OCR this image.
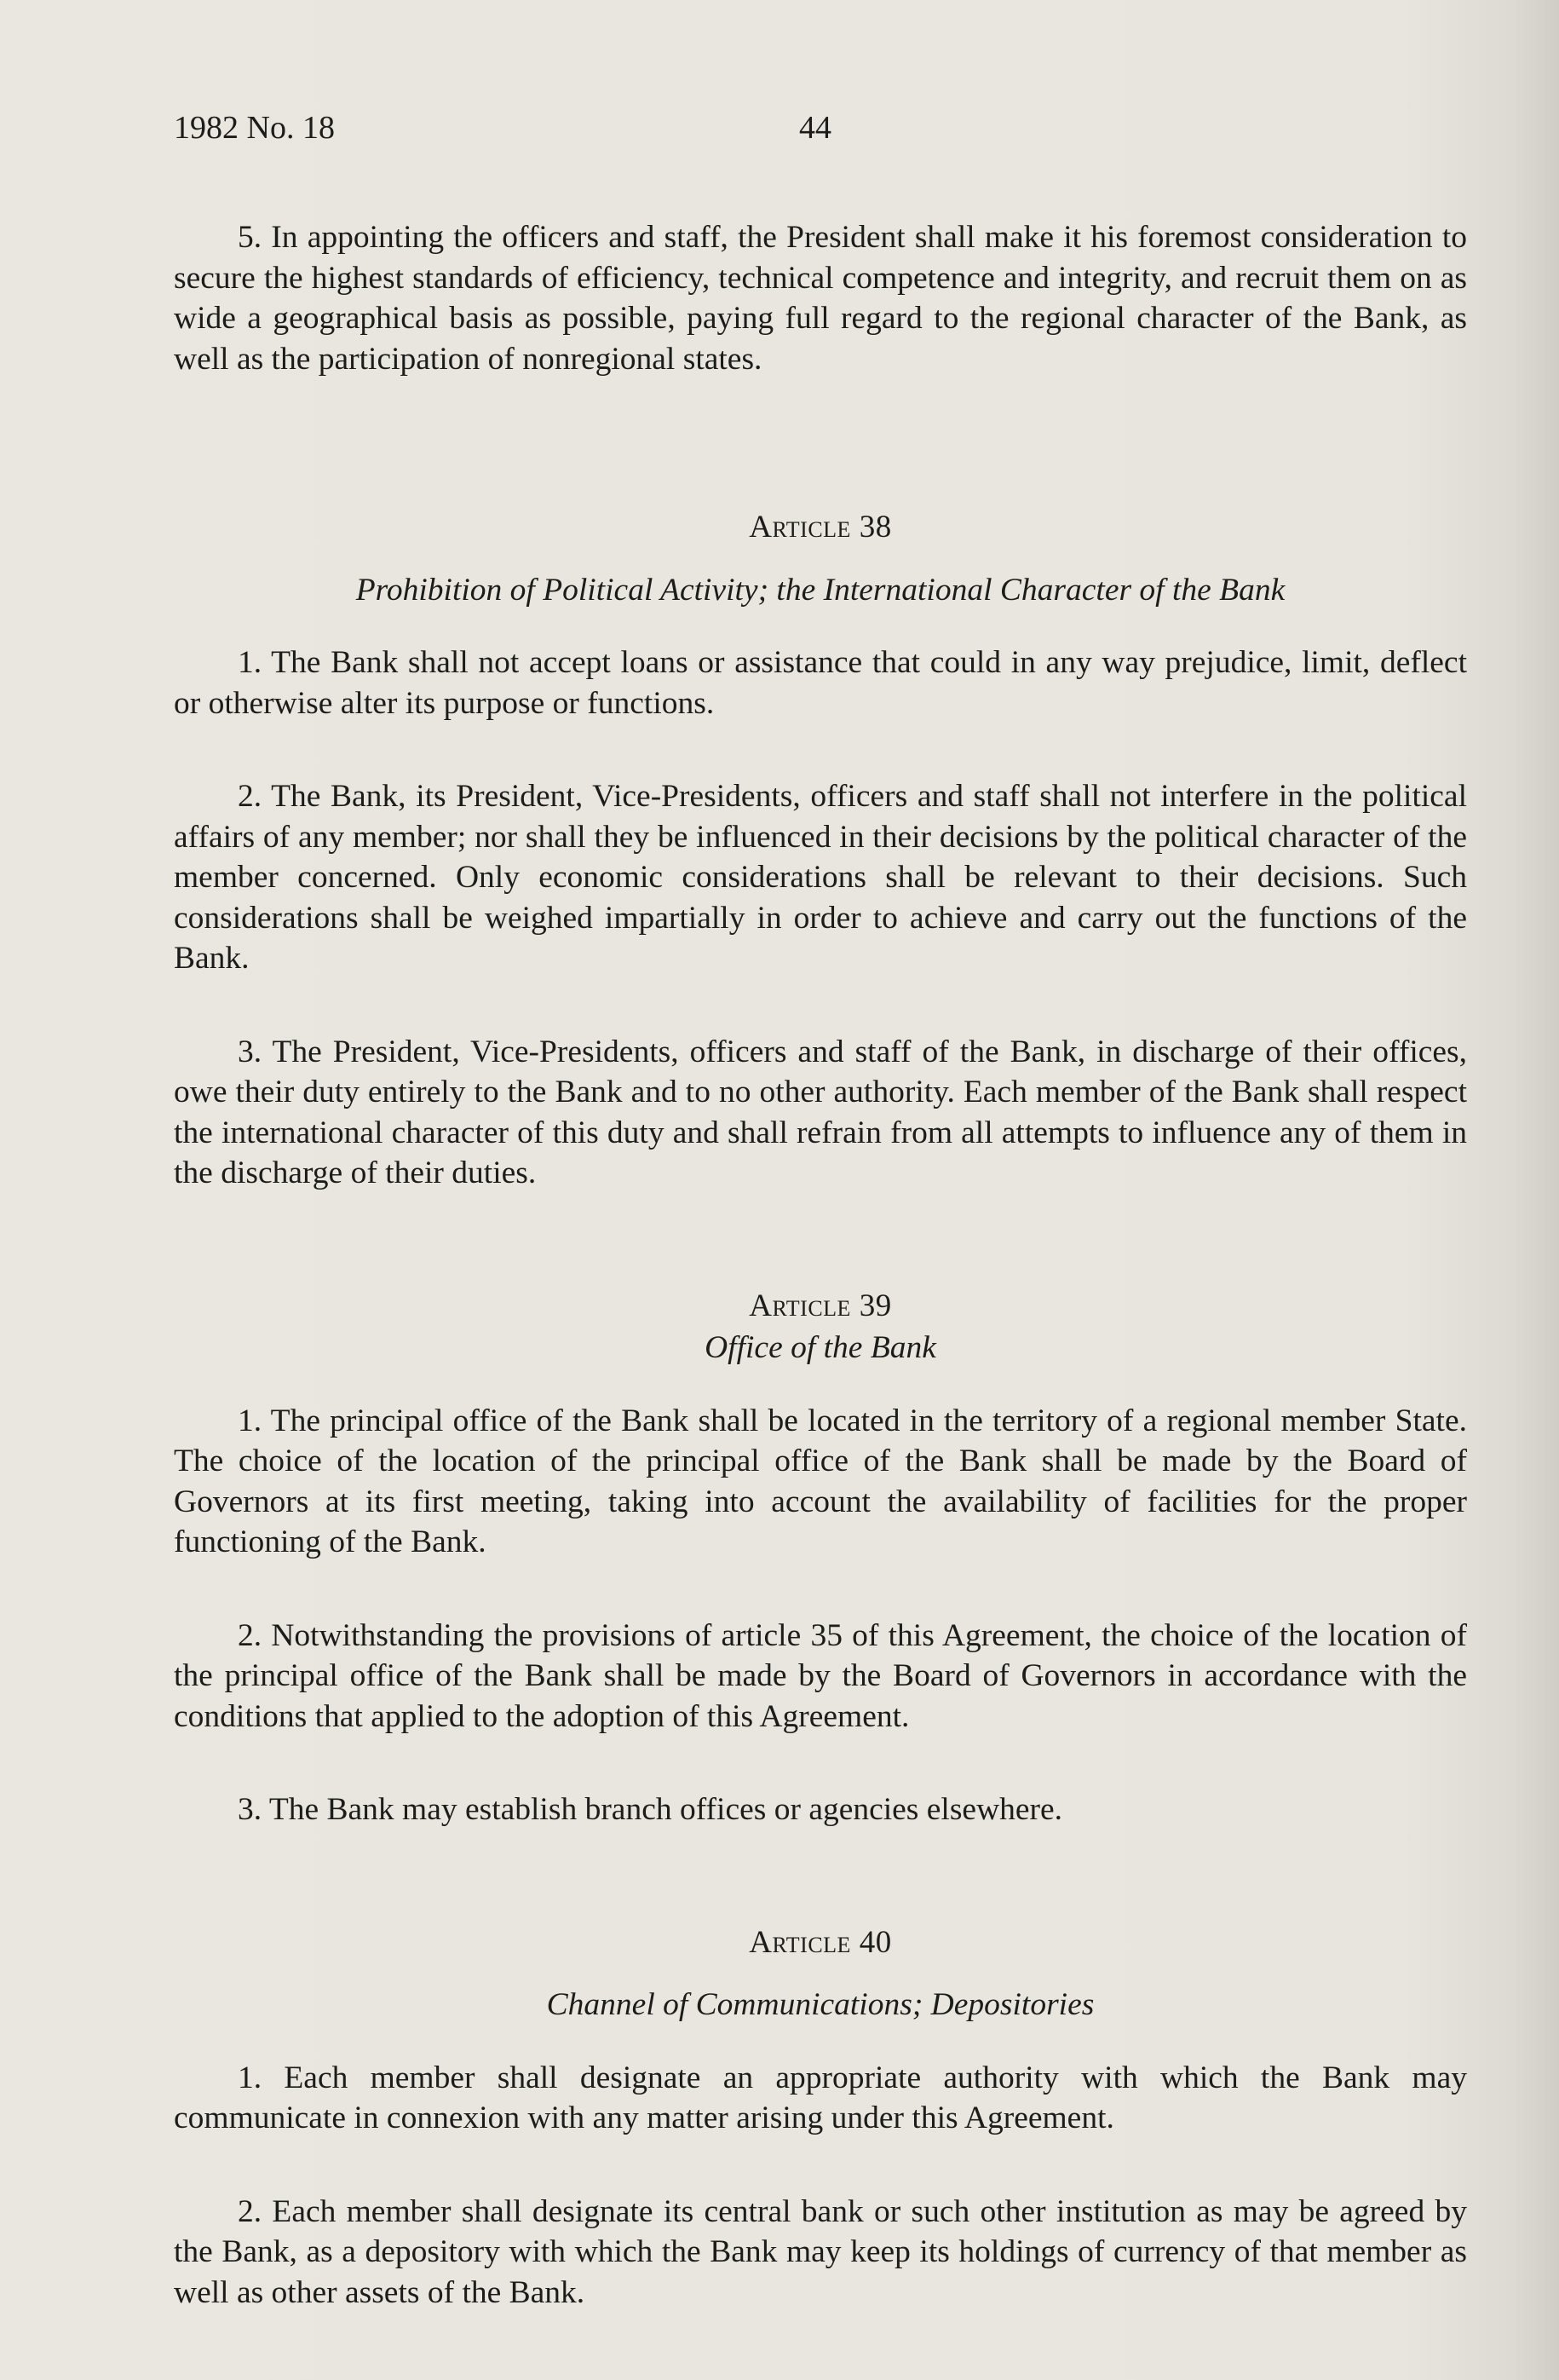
1982 No. 18	44

5. In appointing the officers and staff, the President shall make it his foremost consideration to secure the highest standards of efficiency, technical competence and integrity, and recruit them on as wide a geographical basis as possible, paying full regard to the regional character of the Bank, as well as the participation of nonregional states.

Article 38

Prohibition of Political Activity; the International Character of the Bank

1. The Bank shall not accept loans or assistance that could in any way prejudice, limit, deflect or otherwise alter its purpose or functions.

2. The Bank, its President, Vice-Presidents, officers and staff shall not interfere in the political affairs of any member; nor shall they be influenced in their decisions by the political character of the member concerned. Only economic considerations shall be relevant to their decisions. Such considerations shall be weighed impartially in order to achieve and carry out the functions of the Bank.

3. The President, Vice-Presidents, officers and staff of the Bank, in discharge of their offices, owe their duty entirely to the Bank and to no other authority. Each member of the Bank shall respect the international character of this duty and shall refrain from all attempts to influence any of them in the discharge of their duties.

Article 39

Office of the Bank

1. The principal office of the Bank shall be located in the territory of a regional member State. The choice of the location of the principal office of the Bank shall be made by the Board of Governors at its first meeting, taking into account the availability of facilities for the proper functioning of the Bank.

2. Notwithstanding the provisions of article 35 of this Agreement, the choice of the location of the principal office of the Bank shall be made by the Board of Governors in accordance with the conditions that applied to the adoption of this Agreement.

3. The Bank may establish branch offices or agencies elsewhere.

Article 40

Channel of Communications; Depositories

1. Each member shall designate an appropriate authority with which the Bank may communicate in connexion with any matter arising under this Agreement.

2. Each member shall designate its central bank or such other institution as may be agreed by the Bank, as a depository with which the Bank may keep its holdings of currency of that member as well as other assets of the Bank.
